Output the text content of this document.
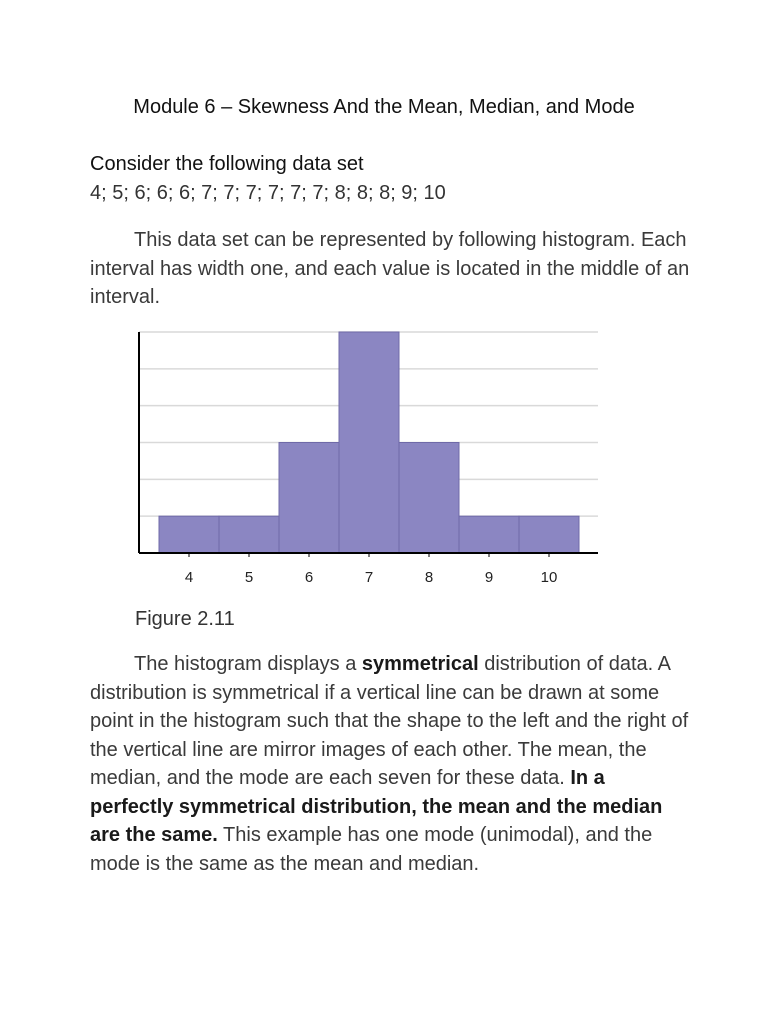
Module 6 – Skewness And the Mean, Median, and Mode
Consider the following data set
4; 5; 6; 6; 6; 7; 7; 7; 7; 7; 7; 8; 8; 8; 9; 10
This data set can be represented by following histogram. Each interval has width one, and each value is located in the middle of an interval.
4	5	6	7	8	9	10
Figure 2.11
The histogram displays a symmetrical distribution of data. A distribution is symmetrical if a vertical line can be drawn at some point in the histogram such that the shape to the left and the right of the vertical line are mirror images of each other. The mean, the median, and the mode are each seven for these data. In a perfectly symmetrical distribution, the mean and the median are the same. This example has one mode (unimodal), and the mode is the same as the mean and median.
